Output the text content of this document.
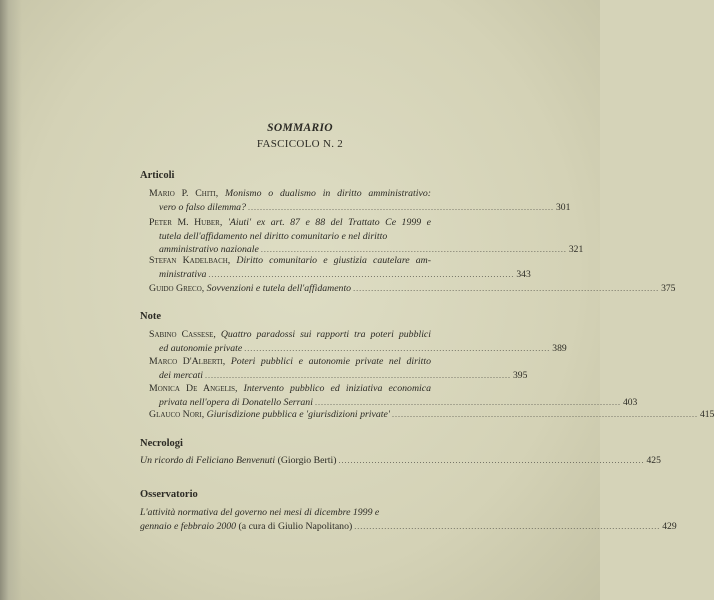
SOMMARIO
FASCICOLO N. 2
Articoli
Mario P. Chiti, Monismo o dualismo in diritto amministrativo:
vero o falso dilemma? ...................................................................................................... 301
Peter M. Huber, 'Aiuti' ex art. 87 e 88 del Trattato Ce 1999 e
tutela dell'affidamento nel diritto comunitario e nel diritto
amministrativo nazionale ...................................................................................................... 321
Stefan Kadelbach, Diritto comunitario e giustizia cautelare am-
ministrativa ...................................................................................................... 343
Guido Greco, Sovvenzioni e tutela dell'affidamento ...................................................................................................... 375
Note
Sabino Cassese, Quattro paradossi sui rapporti tra poteri pubblici
ed autonomie private ...................................................................................................... 389
Marco D'Alberti, Poteri pubblici e autonomie private nel diritto
dei mercati ...................................................................................................... 395
Monica De Angelis, Intervento pubblico ed iniziativa economica
privata nell'opera di Donatello Serrani ...................................................................................................... 403
Glauco Nori, Giurisdizione pubblica e 'giurisdizioni private' ...................................................................................................... 415
Necrologi
Un ricordo di Feliciano Benvenuti (Giorgio Berti) ...................................................................................................... 425
Osservatorio
L'attività normativa del governo nei mesi di dicembre 1999 e
gennaio e febbraio 2000 (a cura di Giulio Napolitano) ...................................................................................................... 429
